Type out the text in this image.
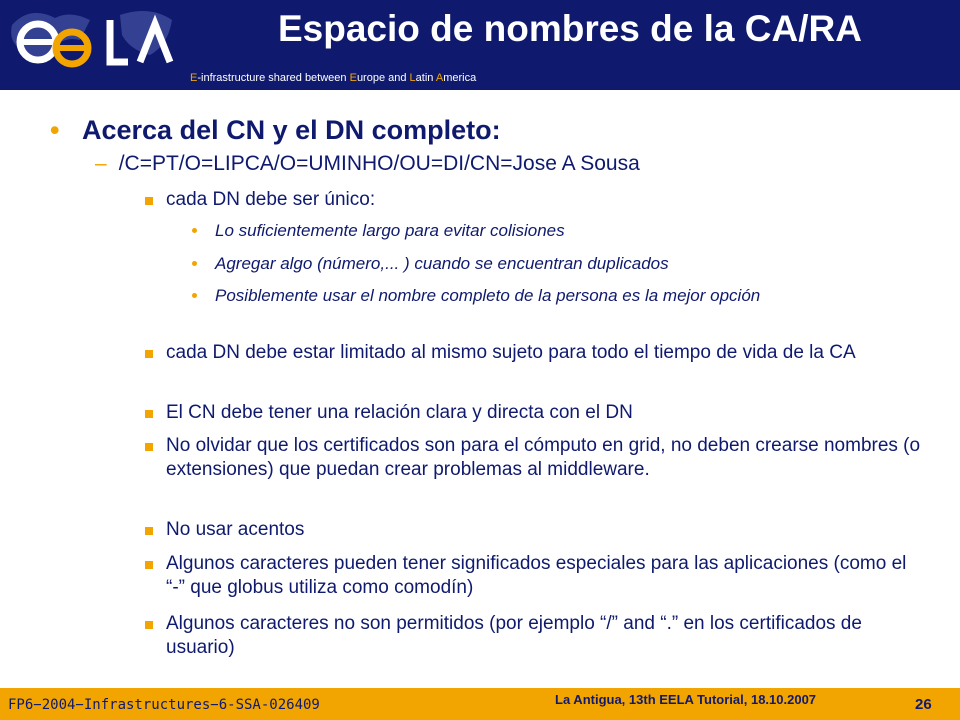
Espacio de nombres de la CA/RA
E-infrastructure shared between Europe and Latin America
• Acerca del CN y el DN completo:
– /C=PT/O=LIPCA/O=UMINHO/OU=DI/CN=Jose A Sousa
cada DN debe ser único:
Lo suficientemente largo para evitar colisiones
Agregar algo (número,... ) cuando se encuentran duplicados
Posiblemente usar el nombre completo de la persona es la mejor opción
cada DN debe estar limitado al mismo sujeto para todo el tiempo de vida de la CA
El CN debe tener una relación clara y directa con el DN
No olvidar que los certificados son para el cómputo en grid, no deben crearse nombres (o extensiones) que puedan crear problemas al middleware.
No usar acentos
Algunos caracteres pueden tener significados especiales para las aplicaciones (como el “-” que globus utiliza como comodín)
Algunos caracteres no son permitidos (por ejemplo “/” and “.” en los certificados de usuario)
FP6−2004−Infrastructures−6-SSA-026409	La Antigua, 13th EELA Tutorial, 18.10.2007	26
